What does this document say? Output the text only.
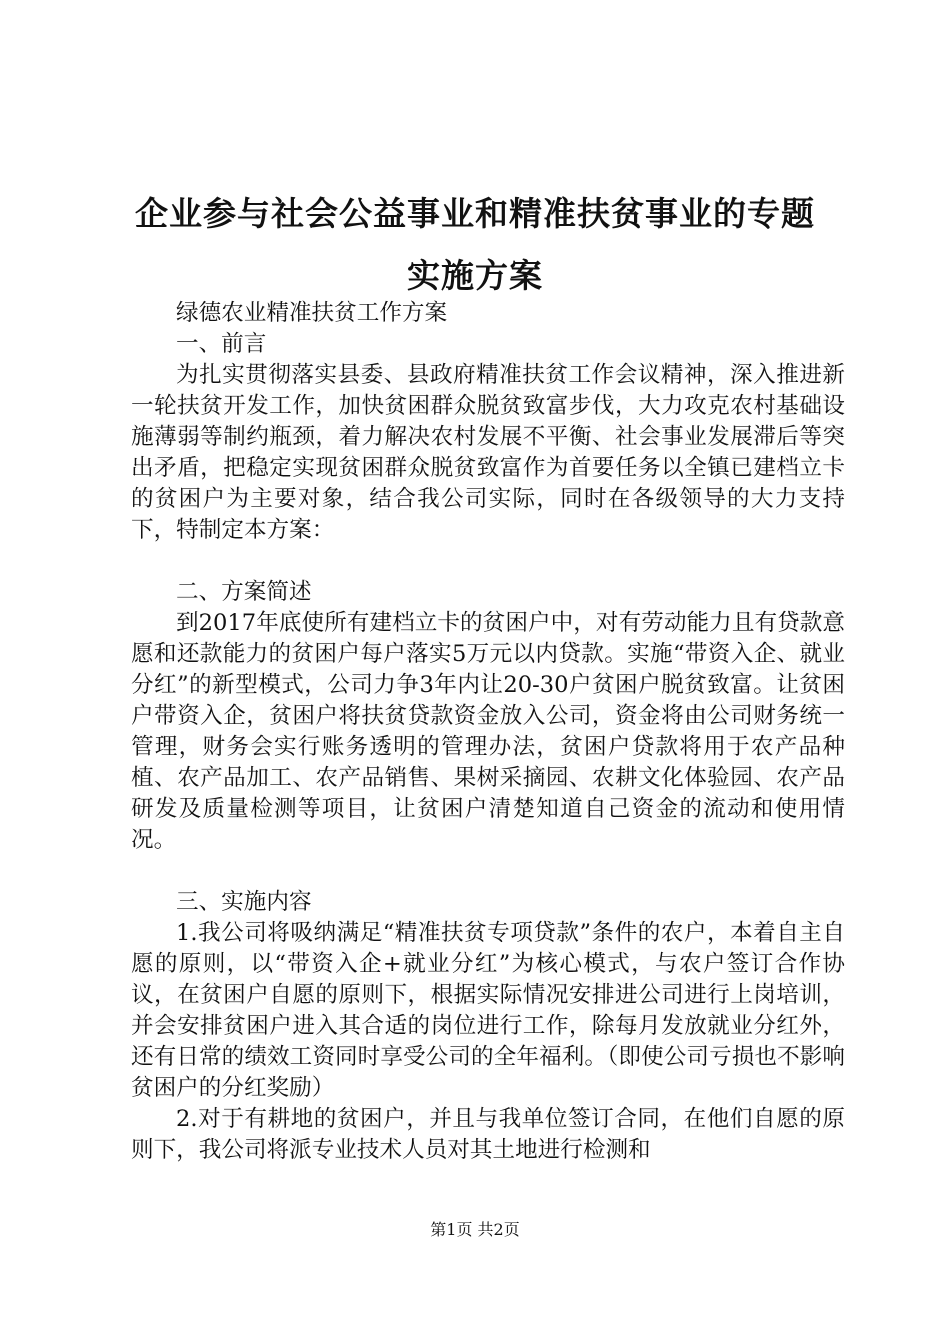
企业参与社会公益事业和精准扶贫事业的专题
实施方案

绿德农业精准扶贫工作方案

一、前言

为扎实贯彻落实县委、县政府精准扶贫工作会议精神，深入推进新一轮扶贫开发工作，加快贫困群众脱贫致富步伐，大力攻克农村基础设施薄弱等制约瓶颈，着力解决农村发展不平衡、社会事业发展滞后等突出矛盾，把稳定实现贫困群众脱贫致富作为首要任务以全镇已建档立卡的贫困户为主要对象，结合我公司实际，同时在各级领导的大力支持下，特制定本方案：

二、方案简述

到2017年底使所有建档立卡的贫困户中，对有劳动能力且有贷款意愿和还款能力的贫困户每户落实5万元以内贷款。实施“带资入企、就业分红”的新型模式，公司力争3年内让20-30户贫困户脱贫致富。让贫困户带资入企，贫困户将扶贫贷款资金放入公司，资金将由公司财务统一管理，财务会实行账务透明的管理办法，贫困户贷款将用于农产品种植、农产品加工、农产品销售、果树采摘园、农耕文化体验园、农产品研发及质量检测等项目，让贫困户清楚知道自己资金的流动和使用情况。

三、实施内容

1.我公司将吸纳满足“精准扶贫专项贷款”条件的农户，本着自主自愿的原则，以“带资入企+就业分红”为核心模式，与农户签订合作协议，在贫困户自愿的原则下，根据实际情况安排进公司进行上岗培训，并会安排贫困户进入其合适的岗位进行工作，除每月发放就业分红外，还有日常的绩效工资同时享受公司的全年福利。（即使公司亏损也不影响贫困户的分红奖励）

2.对于有耕地的贫困户，并且与我单位签订合同，在他们自愿的原则下，我公司将派专业技术人员对其土地进行检测和

第1页 共2页
